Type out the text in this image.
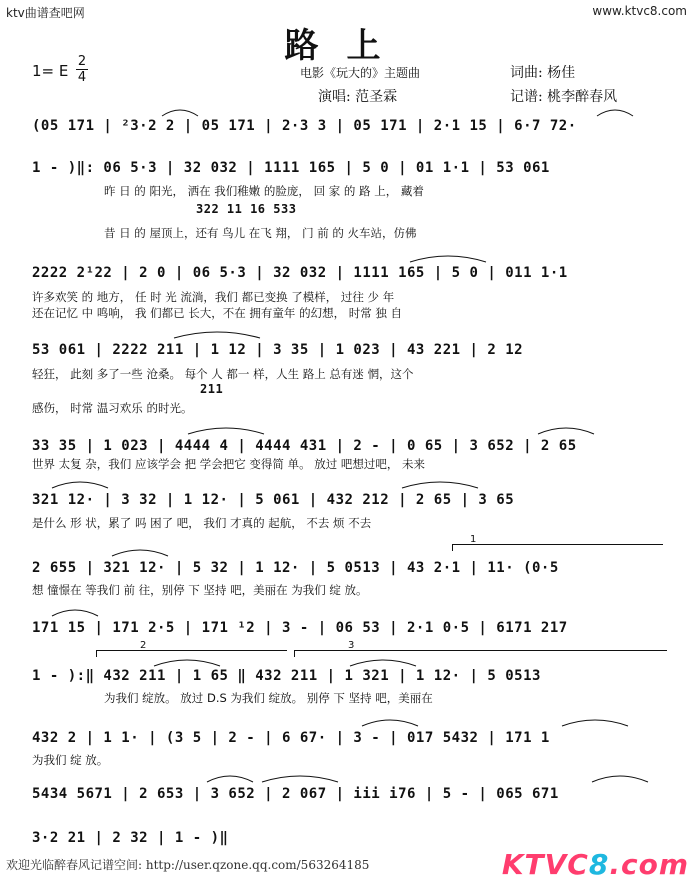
ktv曲谱查吧网	www.ktvc8.com
路上
1= E
2
4	电影《玩大的》主题曲	词曲: 杨佳
演唱: 范圣霖	记谱: 桃李醉春风
(05 171 | ²3·2 2 | 05 171 | 2·3 3 | 05 171 | 2·1 15 | 6·7 72·
1 - )‖: 06 5·3 | 32 032 | 1111 165 | 5 0 | 01 1·1 | 53 061
昨 日 的 阳光， 洒在 我们稚嫩 的脸庞， 回 家 的 路 上， 藏着
322 11 16 533
昔 日 的 屋顶上，还有 鸟儿 在飞 翔， 门 前 的 火车站，仿佛
2222 2¹22 | 2 0 | 06 5·3 | 32 032 | 1111 165 | 5 0 | 011 1·1
许多欢笑 的 地方， 任 时 光 流淌，我们 都已变换 了模样， 过往 少 年
还在记忆 中 鸣响， 我 们都已 长大，不在 拥有童年 的幻想， 时常 独 自
53 061 | 2222 211 | 1 12 | 3 35 | 1 023 | 43 221 | 2 12
轻狂， 此刻 多了一些 沧桑。 每个 人 都一 样，人生 路上 总有迷 惘，这个
211
感伤， 时常 温习欢乐 的时光。
33 35 | 1 023 | 4444 4 | 4444 431 | 2 - | 0 65 | 3 652 | 2 65
世界 太复 杂，我们 应该学会 把 学会把它 变得简 单。 放过 吧想过吧， 未来
321 12· | 3 32 | 1 12· | 5 061 | 432 212 | 2 65 | 3 65
是什么 形 状，累了 吗 困了 吧， 我们 才真的 起航， 不去 烦 不去
1
2 655 | 321 12· | 5 32 | 1 12· | 5 0513 | 43 2·1 | 11· (0·5
想 憧憬在 等我们 前 往，别停 下 坚持 吧，美丽在 为我们 绽 放。
171 15 | 171 2·5 | 171 ¹2 | 3 - | 06 53 | 2·1 0·5 | 6171 217
2	3
1 - ):‖ 432 211 | 1 65 ‖ 432 211 | 1 321 | 1 12· | 5 0513
为我们 绽放。 放过 D.S 为我们 绽放。 别停 下 坚持 吧，美丽在
432 2 | 1 1· | (3 5 | 2 - | 6 67· | 3 - | 017 5432 | 171 1
为我们 绽 放。
5434 5671 | 2 653 | 3 652 | 2 067 | iii i76 | 5 - | 065 671
3·2 21 | 2 32 | 1 - )‖
欢迎光临醉春风记谱空间: http://user.qzone.qq.com/563264185	KTVC8.com
